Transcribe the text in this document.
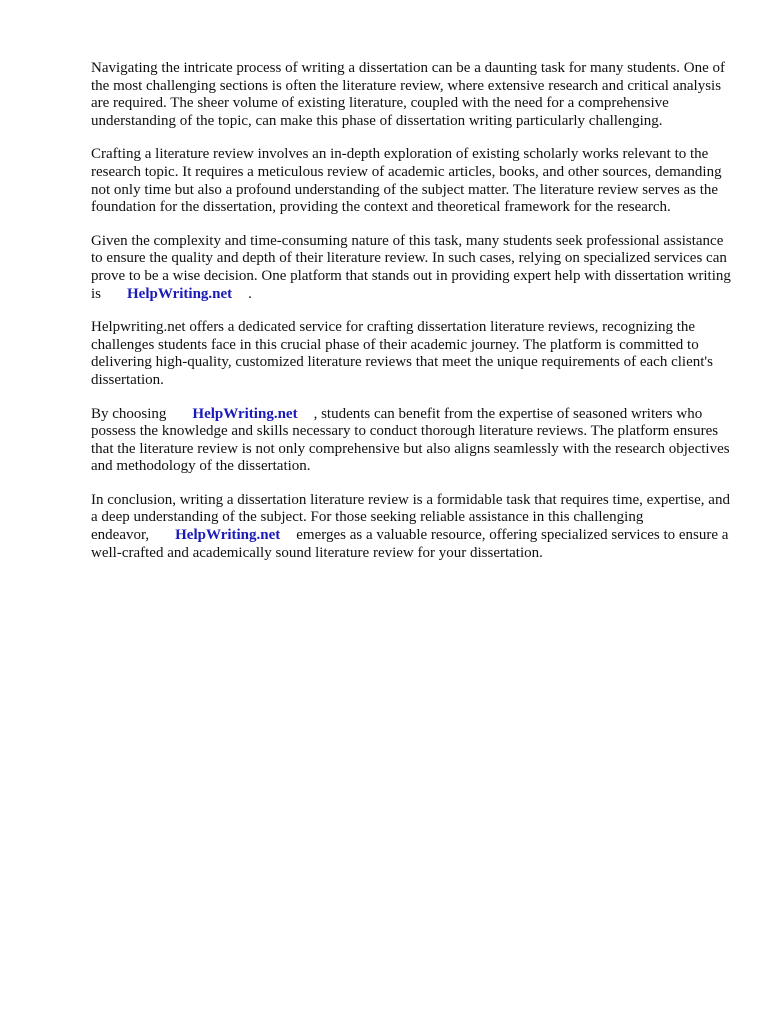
Navigating the intricate process of writing a dissertation can be a daunting task for many students. One of the most challenging sections is often the literature review, where extensive research and critical analysis are required. The sheer volume of existing literature, coupled with the need for a comprehensive understanding of the topic, can make this phase of dissertation writing particularly challenging.

Crafting a literature review involves an in-depth exploration of existing scholarly works relevant to the research topic. It requires a meticulous review of academic articles, books, and other sources, demanding not only time but also a profound understanding of the subject matter. The literature review serves as the foundation for the dissertation, providing the context and theoretical framework for the research.

Given the complexity and time-consuming nature of this task, many students seek professional assistance to ensure the quality and depth of their literature review. In such cases, relying on specialized services can prove to be a wise decision. One platform that stands out in providing expert help with dissertation writing is HelpWriting.net .

Helpwriting.net offers a dedicated service for crafting dissertation literature reviews, recognizing the challenges students face in this crucial phase of their academic journey. The platform is committed to delivering high-quality, customized literature reviews that meet the unique requirements of each client's dissertation.

By choosing HelpWriting.net , students can benefit from the expertise of seasoned writers who possess the knowledge and skills necessary to conduct thorough literature reviews. The platform ensures that the literature review is not only comprehensive but also aligns seamlessly with the research objectives and methodology of the dissertation.

In conclusion, writing a dissertation literature review is a formidable task that requires time, expertise, and a deep understanding of the subject. For those seeking reliable assistance in this challenging endeavor, HelpWriting.net emerges as a valuable resource, offering specialized services to ensure a well-crafted and academically sound literature review for your dissertation.
